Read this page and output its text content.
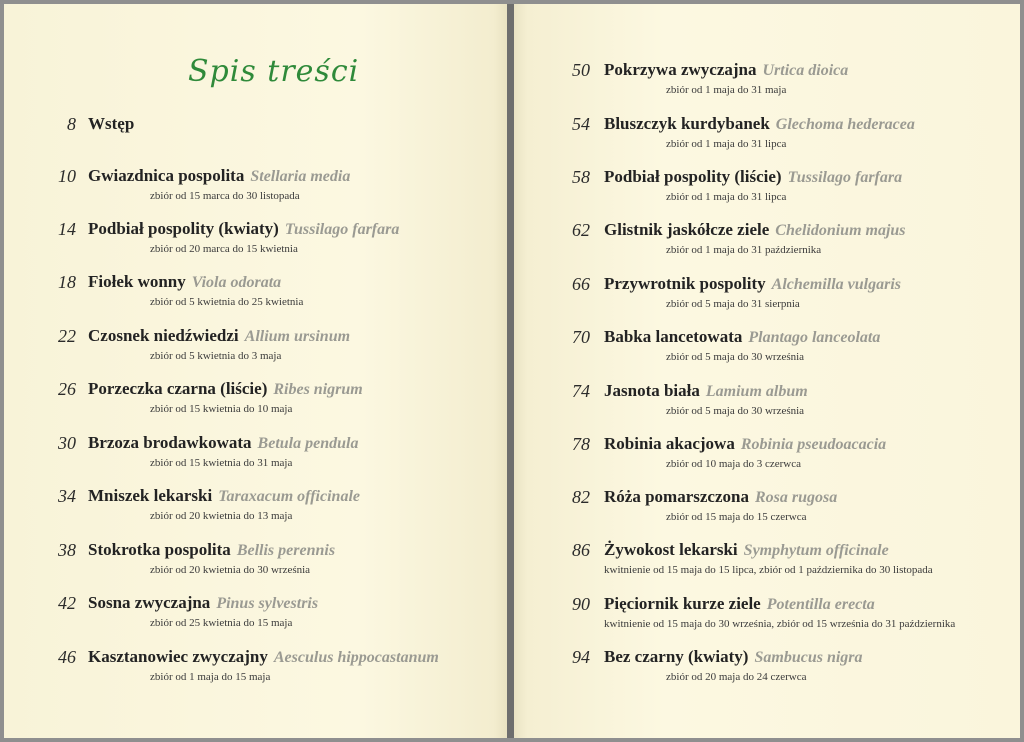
Spis treści
8 Wstęp
10 Gwiazdnica pospolita Stellaria media
zbiór od 15 marca do 30 listopada
14 Podbiał pospolity (kwiaty) Tussilago farfara
zbiór od 20 marca do 15 kwietnia
18 Fiołek wonny Viola odorata
zbiór od 5 kwietnia do 25 kwietnia
22 Czosnek niedźwiedzi Allium ursinum
zbiór od 5 kwietnia do 3 maja
26 Porzeczka czarna (liście) Ribes nigrum
zbiór od 15 kwietnia do 10 maja
30 Brzoza brodawkowata Betula pendula
zbiór od 15 kwietnia do 31 maja
34 Mniszek lekarski Taraxacum officinale
zbiór od 20 kwietnia do 13 maja
38 Stokrotka pospolita Bellis perennis
zbiór od 20 kwietnia do 30 września
42 Sosna zwyczajna Pinus sylvestris
zbiór od 25 kwietnia do 15 maja
46 Kasztanowiec zwyczajny Aesculus hippocastanum
zbiór od 1 maja do 15 maja
50 Pokrzywa zwyczajna Urtica dioica
zbiór od 1 maja do 31 maja
54 Bluszczyk kurdybanek Glechoma hederacea
zbiór od 1 maja do 31 lipca
58 Podbiał pospolity (liście) Tussilago farfara
zbiór od 1 maja do 31 lipca
62 Glistnik jaskółcze ziele Chelidonium majus
zbiór od 1 maja do 31 października
66 Przywrotnik pospolity Alchemilla vulgaris
zbiór od 5 maja do 31 sierpnia
70 Babka lancetowata Plantago lanceolata
zbiór od 5 maja do 30 września
74 Jasnota biała Lamium album
zbiór od 5 maja do 30 września
78 Robinia akacjowa Robinia pseudoacacia
zbiór od 10 maja do 3 czerwca
82 Róża pomarszczona Rosa rugosa
zbiór od 15 maja do 15 czerwca
86 Żywokost lekarski Symphytum officinale
kwitnienie od 15 maja do 15 lipca, zbiór od 1 października do 30 listopada
90 Pięciornik kurze ziele Potentilla erecta
kwitnienie od 15 maja do 30 września, zbiór od 15 września do 31 października
94 Bez czarny (kwiaty) Sambucus nigra
zbiór od 20 maja do 24 czerwca
